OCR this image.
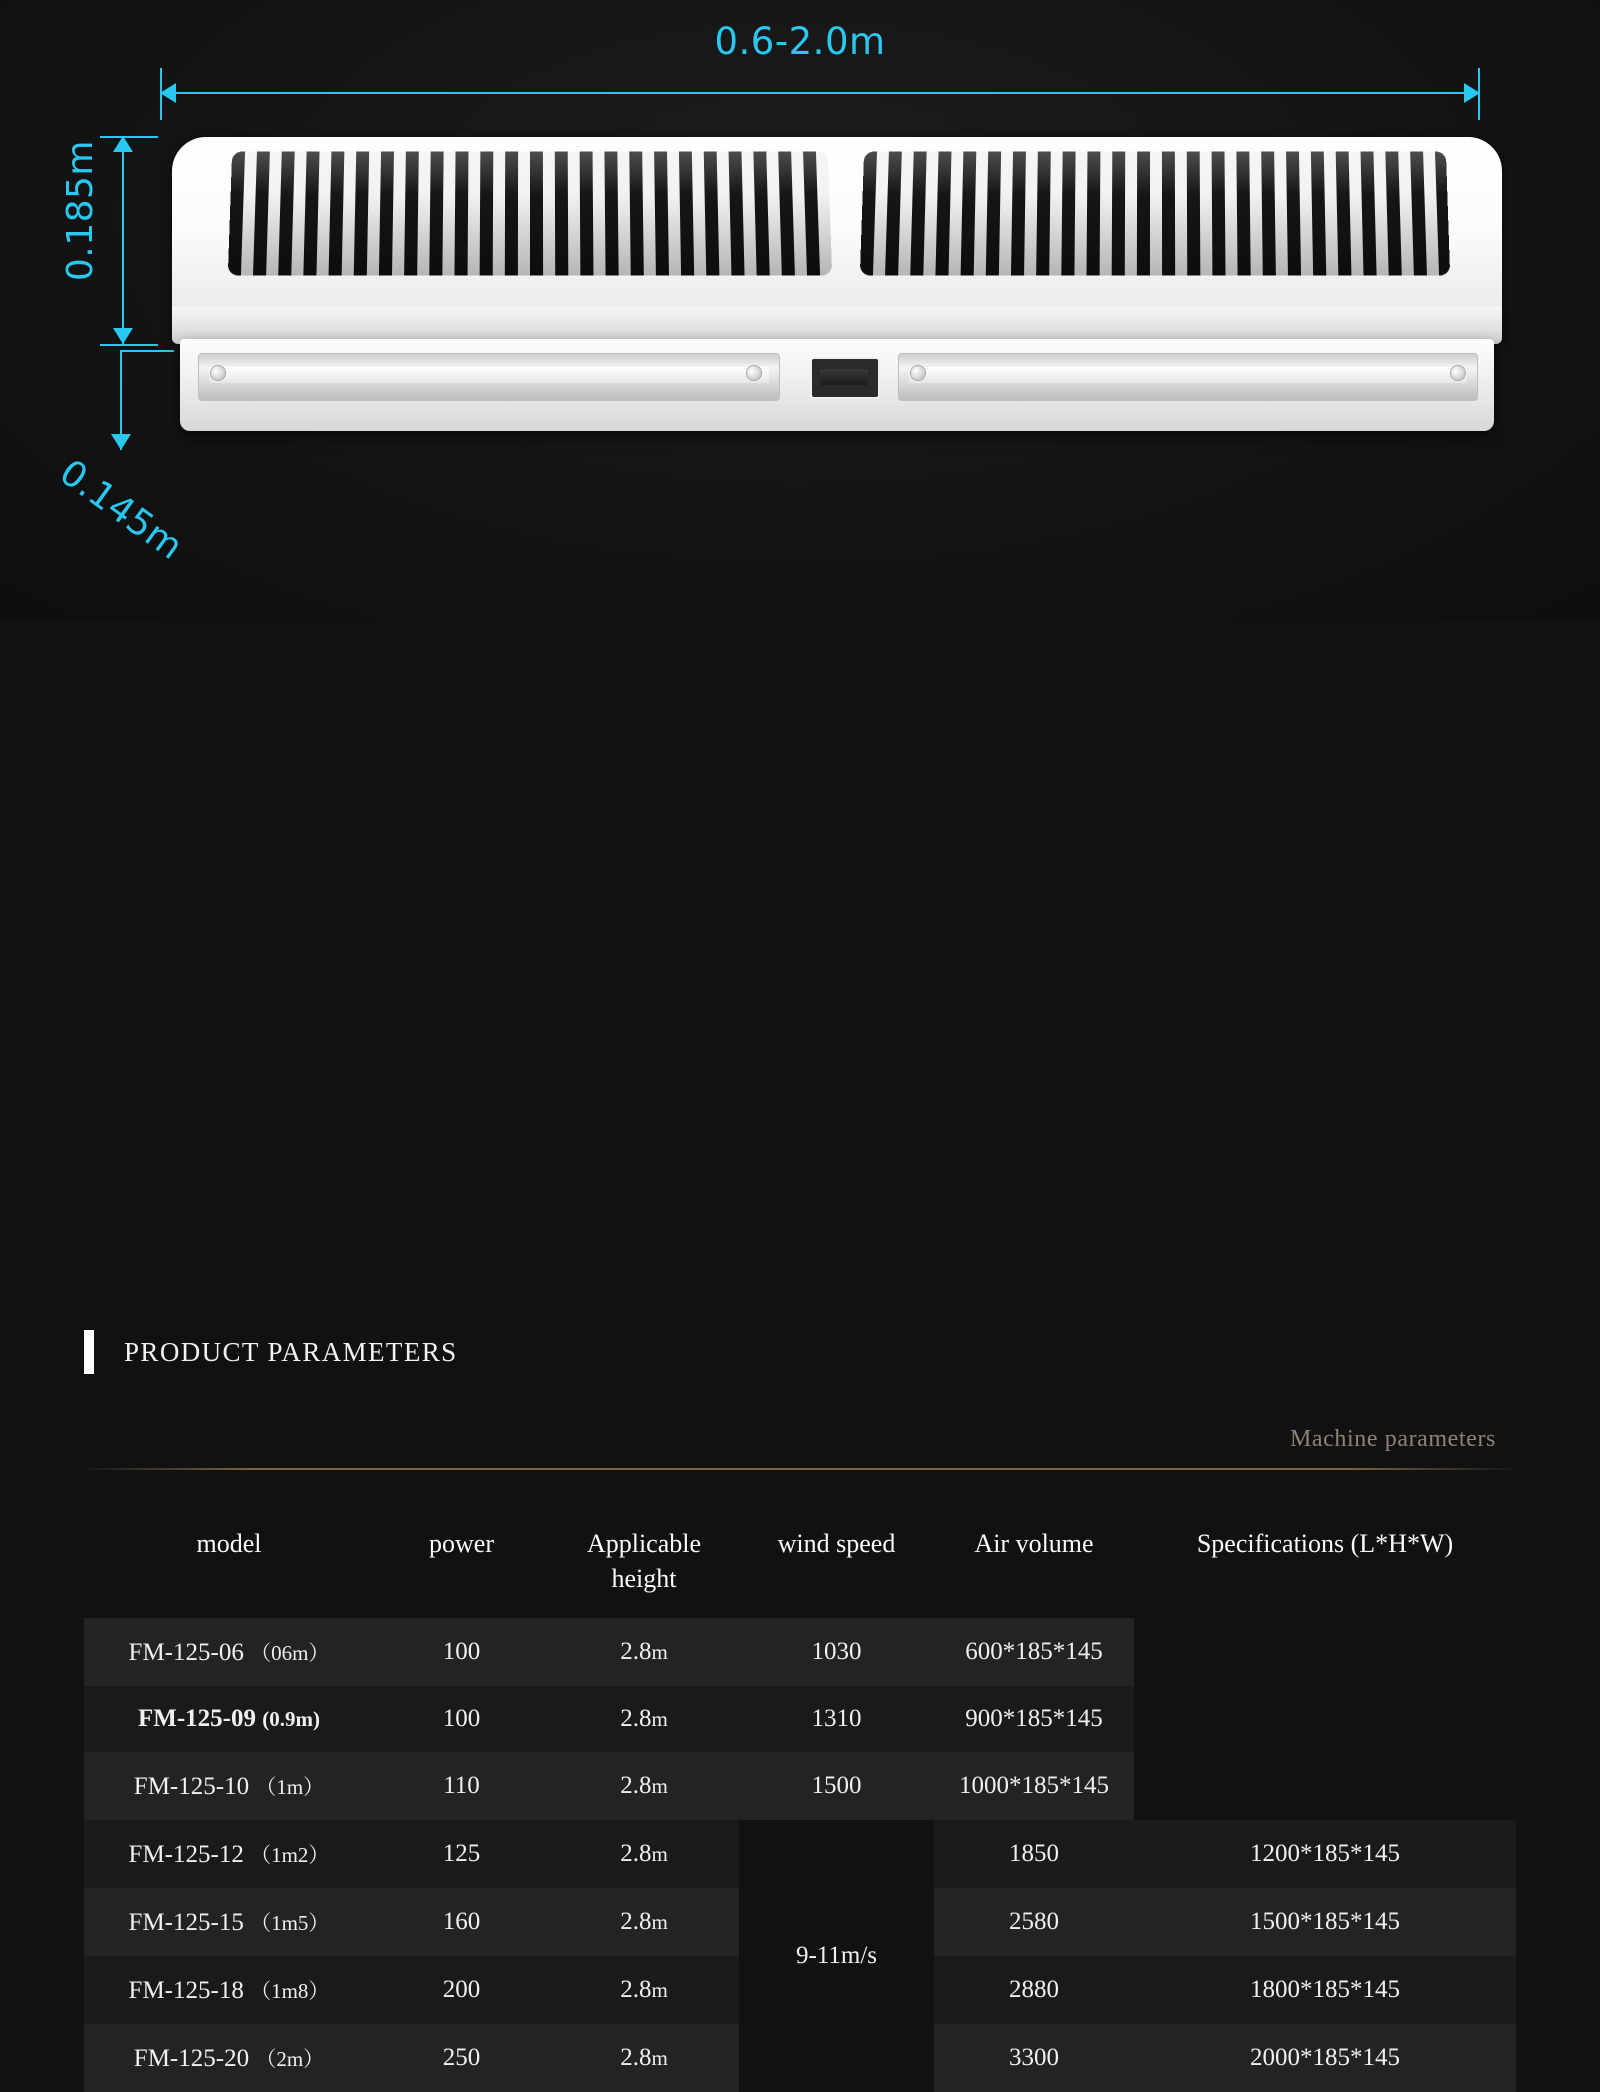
0.6-2.0m
0.185m
0.145m
PRODUCT PARAMETERS
Machine parameters
model	power	Applicable height	wind speed	Air volume	Specifications (L*H*W)
FM-125-06 （06m）	100	2.8m	1030	600*185*145	
FM-125-09 (0.9m)	100	2.8m	1310	900*185*145	
FM-125-10 （1m）	110	2.8m	1500	1000*185*145	
FM-125-12 （1m2）	125	2.8m	9-11m/s	1850	1200*185*145
FM-125-15 （1m5）	160	2.8m		2580	1500*185*145
FM-125-18 （1m8）	200	2.8m		2880	1800*185*145
FM-125-20 （2m）	250	2.8m		3300	2000*185*145
